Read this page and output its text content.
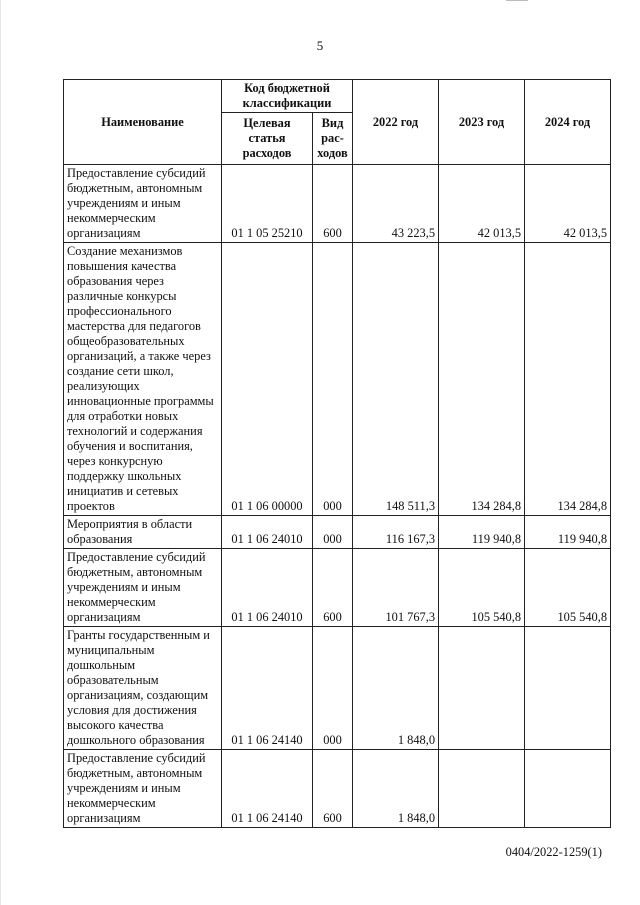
5
Наименование	Код бюджетной классификации		2022 год	2023 год	2024 год
	Целевая статья расходов	Вид рас- ходов			
Предоставление субсидий бюджетным, автономным учреждениям и иным некоммерческим организациям	01 1 05 25210	600	43 223,5	42 013,5	42 013,5
Создание механизмов повышения качества образования через различные конкурсы профессионального мастерства для педагогов общеобразовательных организаций, а также через создание сети школ, реализующих инновационные программы для отработки новых технологий и содержания обучения и воспитания, через конкурсную поддержку школьных инициатив и сетевых проектов	01 1 06 00000	000	148 511,3	134 284,8	134 284,8
Мероприятия в области образования	01 1 06 24010	000	116 167,3	119 940,8	119 940,8
Предоставление субсидий бюджетным, автономным учреждениям и иным некоммерческим организациям	01 1 06 24010	600	101 767,3	105 540,8	105 540,8
Гранты государственным и муниципальным дошкольным образовательным организациям, создающим условия для достижения высокого качества дошкольного образования	01 1 06 24140	000	1 848,0		
Предоставление субсидий бюджетным, автономным учреждениям и иным некоммерческим организациям	01 1 06 24140	600	1 848,0		
0404/2022-1259(1)
